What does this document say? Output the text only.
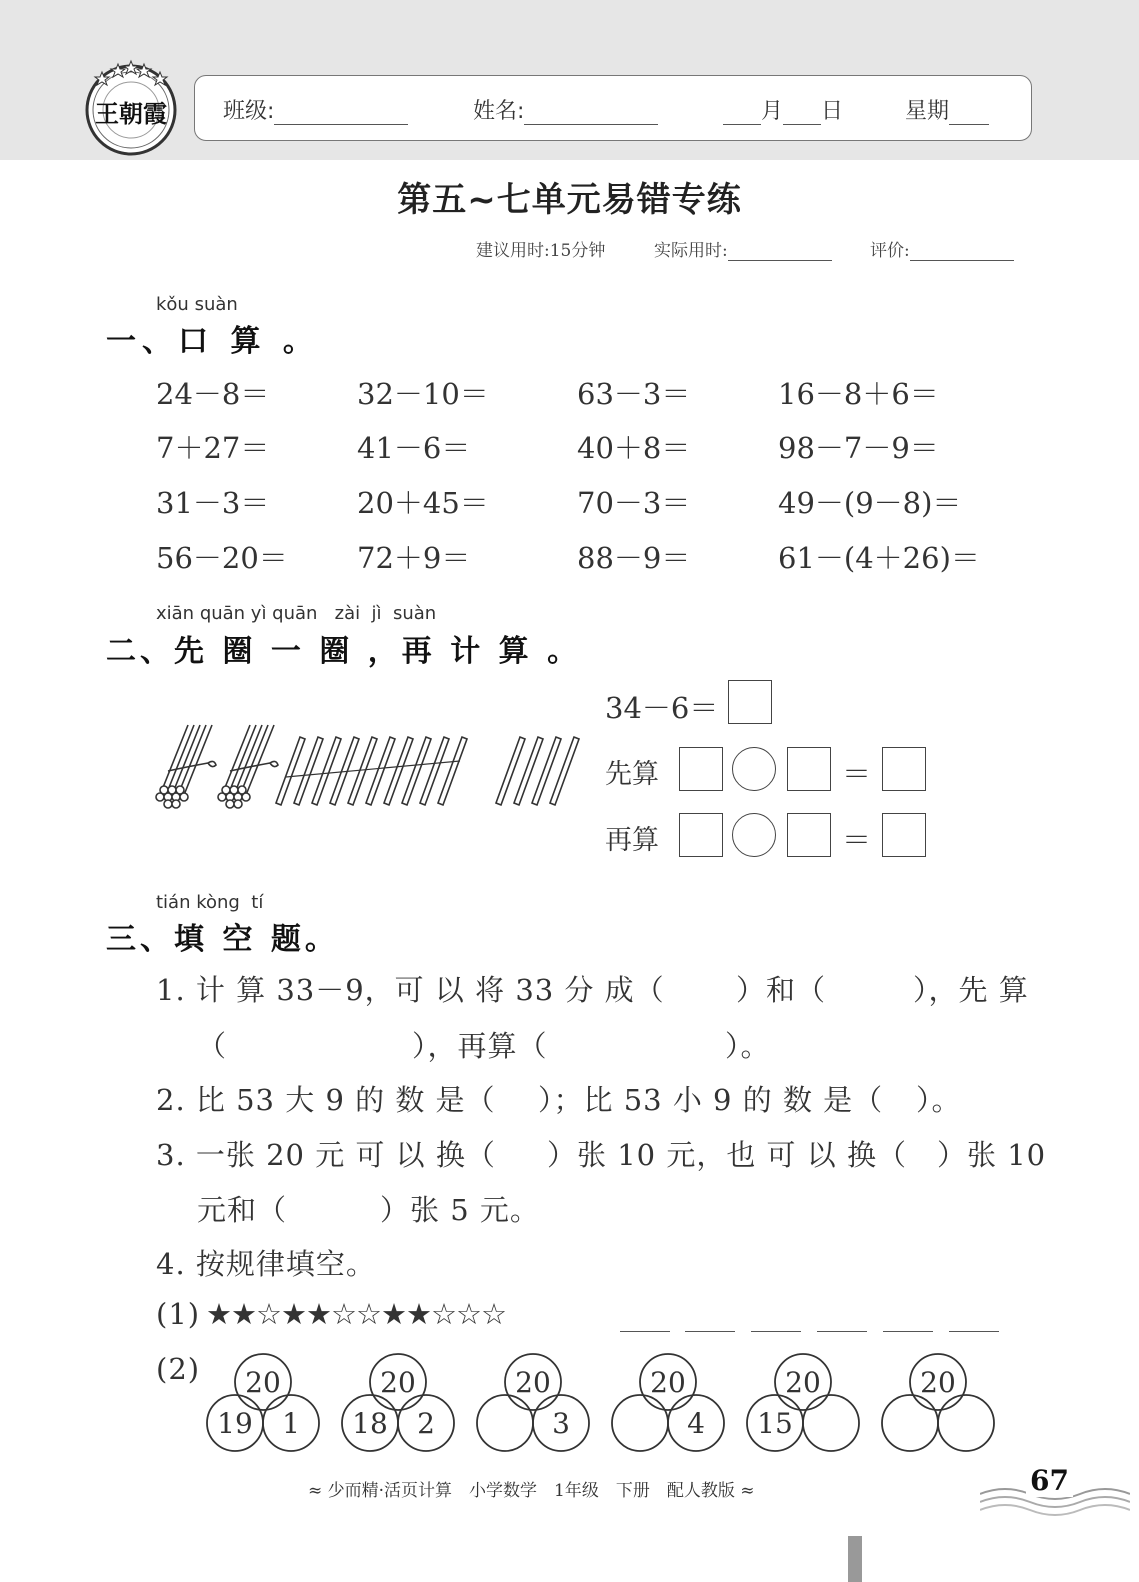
王朝霞	班级:	姓名:	月 日	星期
第五~七单元易错专练
建议用时:15分钟	实际用时:	评价:
kǒu suàn
一、口 算 。
24－8＝	32－10＝	63－3＝	16－8＋6＝
7＋27＝	41－6＝	40＋8＝	98－7－9＝
31－3＝	20＋45＝	70－3＝	49－(9－8)＝
56－20＝ 72＋9＝	88－9＝	61－(4＋26)＝
xiān quān yì quān   zài  jì  suàn
二、先 圈 一 圈 ，再 计 算 。
34－6＝
先算	＝
再算	＝
tián kòng  tí
三、填 空 题。
1. 计 算 33－9，可 以 将 33 分 成（ ）和（	），先 算
（	），再算（	）。
2. 比 53 大 9 的 数 是（ ）；比 53 小 9 的 数 是（ ）。
3. 一张 20 元 可 以 换（ ）张 10 元，也 可 以 换（ ）张 10
元和（	）张 5 元。
4. 按规律填空。
(1) ★★☆★★☆☆★★☆☆☆
(2) 20
19 1
20
18 2
20
3
20
4
20
15
20
≈ 少而精·活页计算　小学数学　1年级　下册　配人教版 ≈	67
